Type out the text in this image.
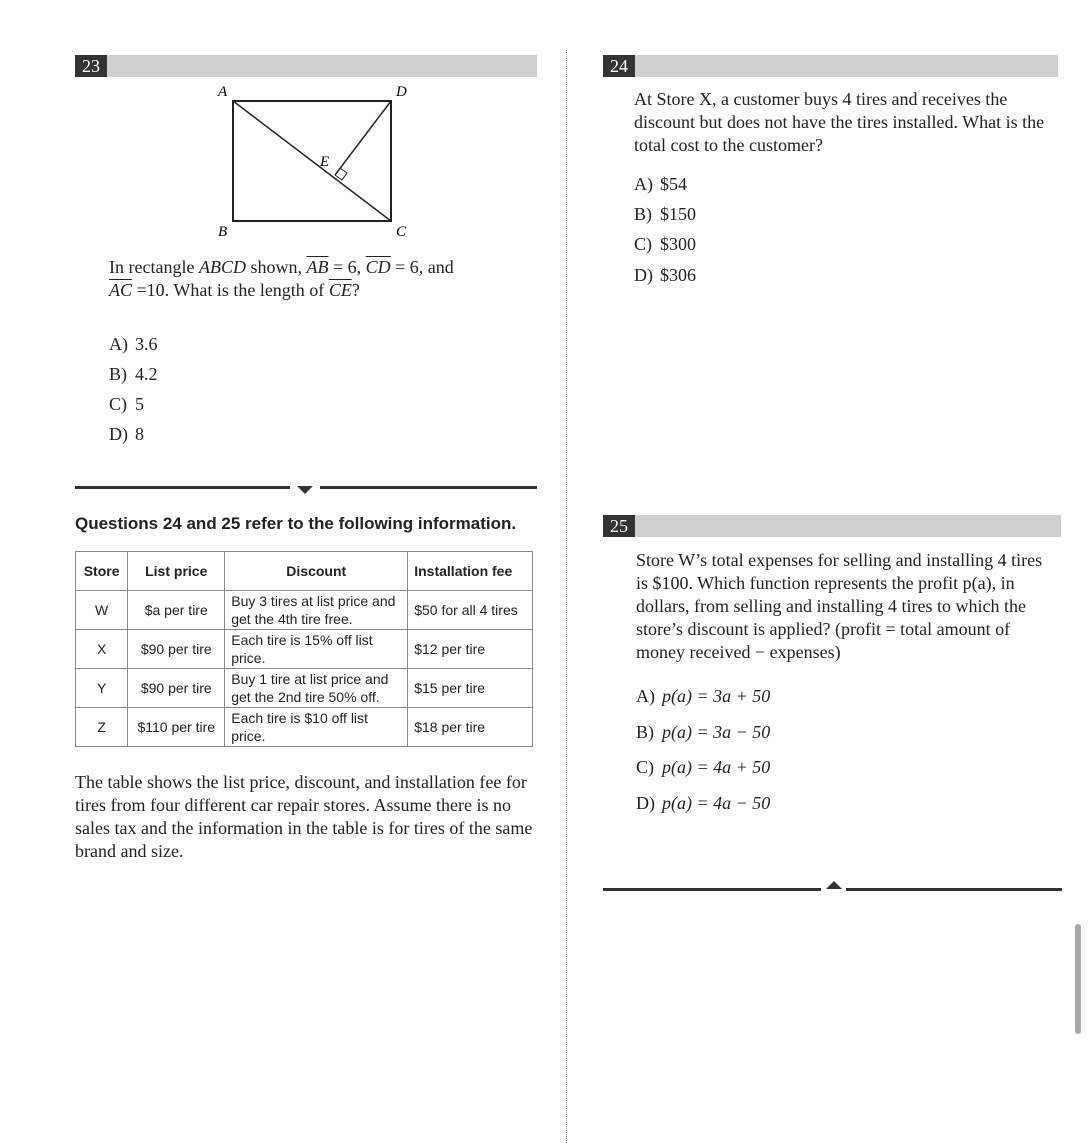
23
A	D
B	C
E
In rectangle ABCD shown, $\overline{AB} = 6$, $\overline{CD} = 6$, and
$\overline{AC} =10$. What is the length of $\overline{CE}$?
A) 3.6
B) 4.2
C) 5
D) 8
Questions 24 and 25 refer to the following information.
Store	List price	Discount	Installation fee
W	$a per tire	Buy 3 tires at list price and get the 4th tire free.	$50 for all 4 tires
X	$90 per tire	Each tire is 15% off list price.	$12 per tire
Y	$90 per tire	Buy 1 tire at list price and get the 2nd tire 50% off.	$15 per tire
Z	$110 per tire	Each tire is $10 off list price.	$18 per tire
The table shows the list price, discount, and installation fee for tires from four different car repair stores. Assume there is no sales tax and the information in the table is for tires of the same brand and size.
24
At Store X, a customer buys 4 tires and receives the discount but does not have the tires installed. What is the total cost to the customer?
A) $54
B) $150
C) $300
D) $306
25
Store W’s total expenses for selling and installing 4 tires is $100. Which function represents the profit p(a), in dollars, from selling and installing 4 tires to which the store’s discount is applied? (profit = total amount of money received − expenses)
A) p(a) = 3a + 50
B) p(a) = 3a − 50
C) p(a) = 4a + 50
D) p(a) = 4a − 50
